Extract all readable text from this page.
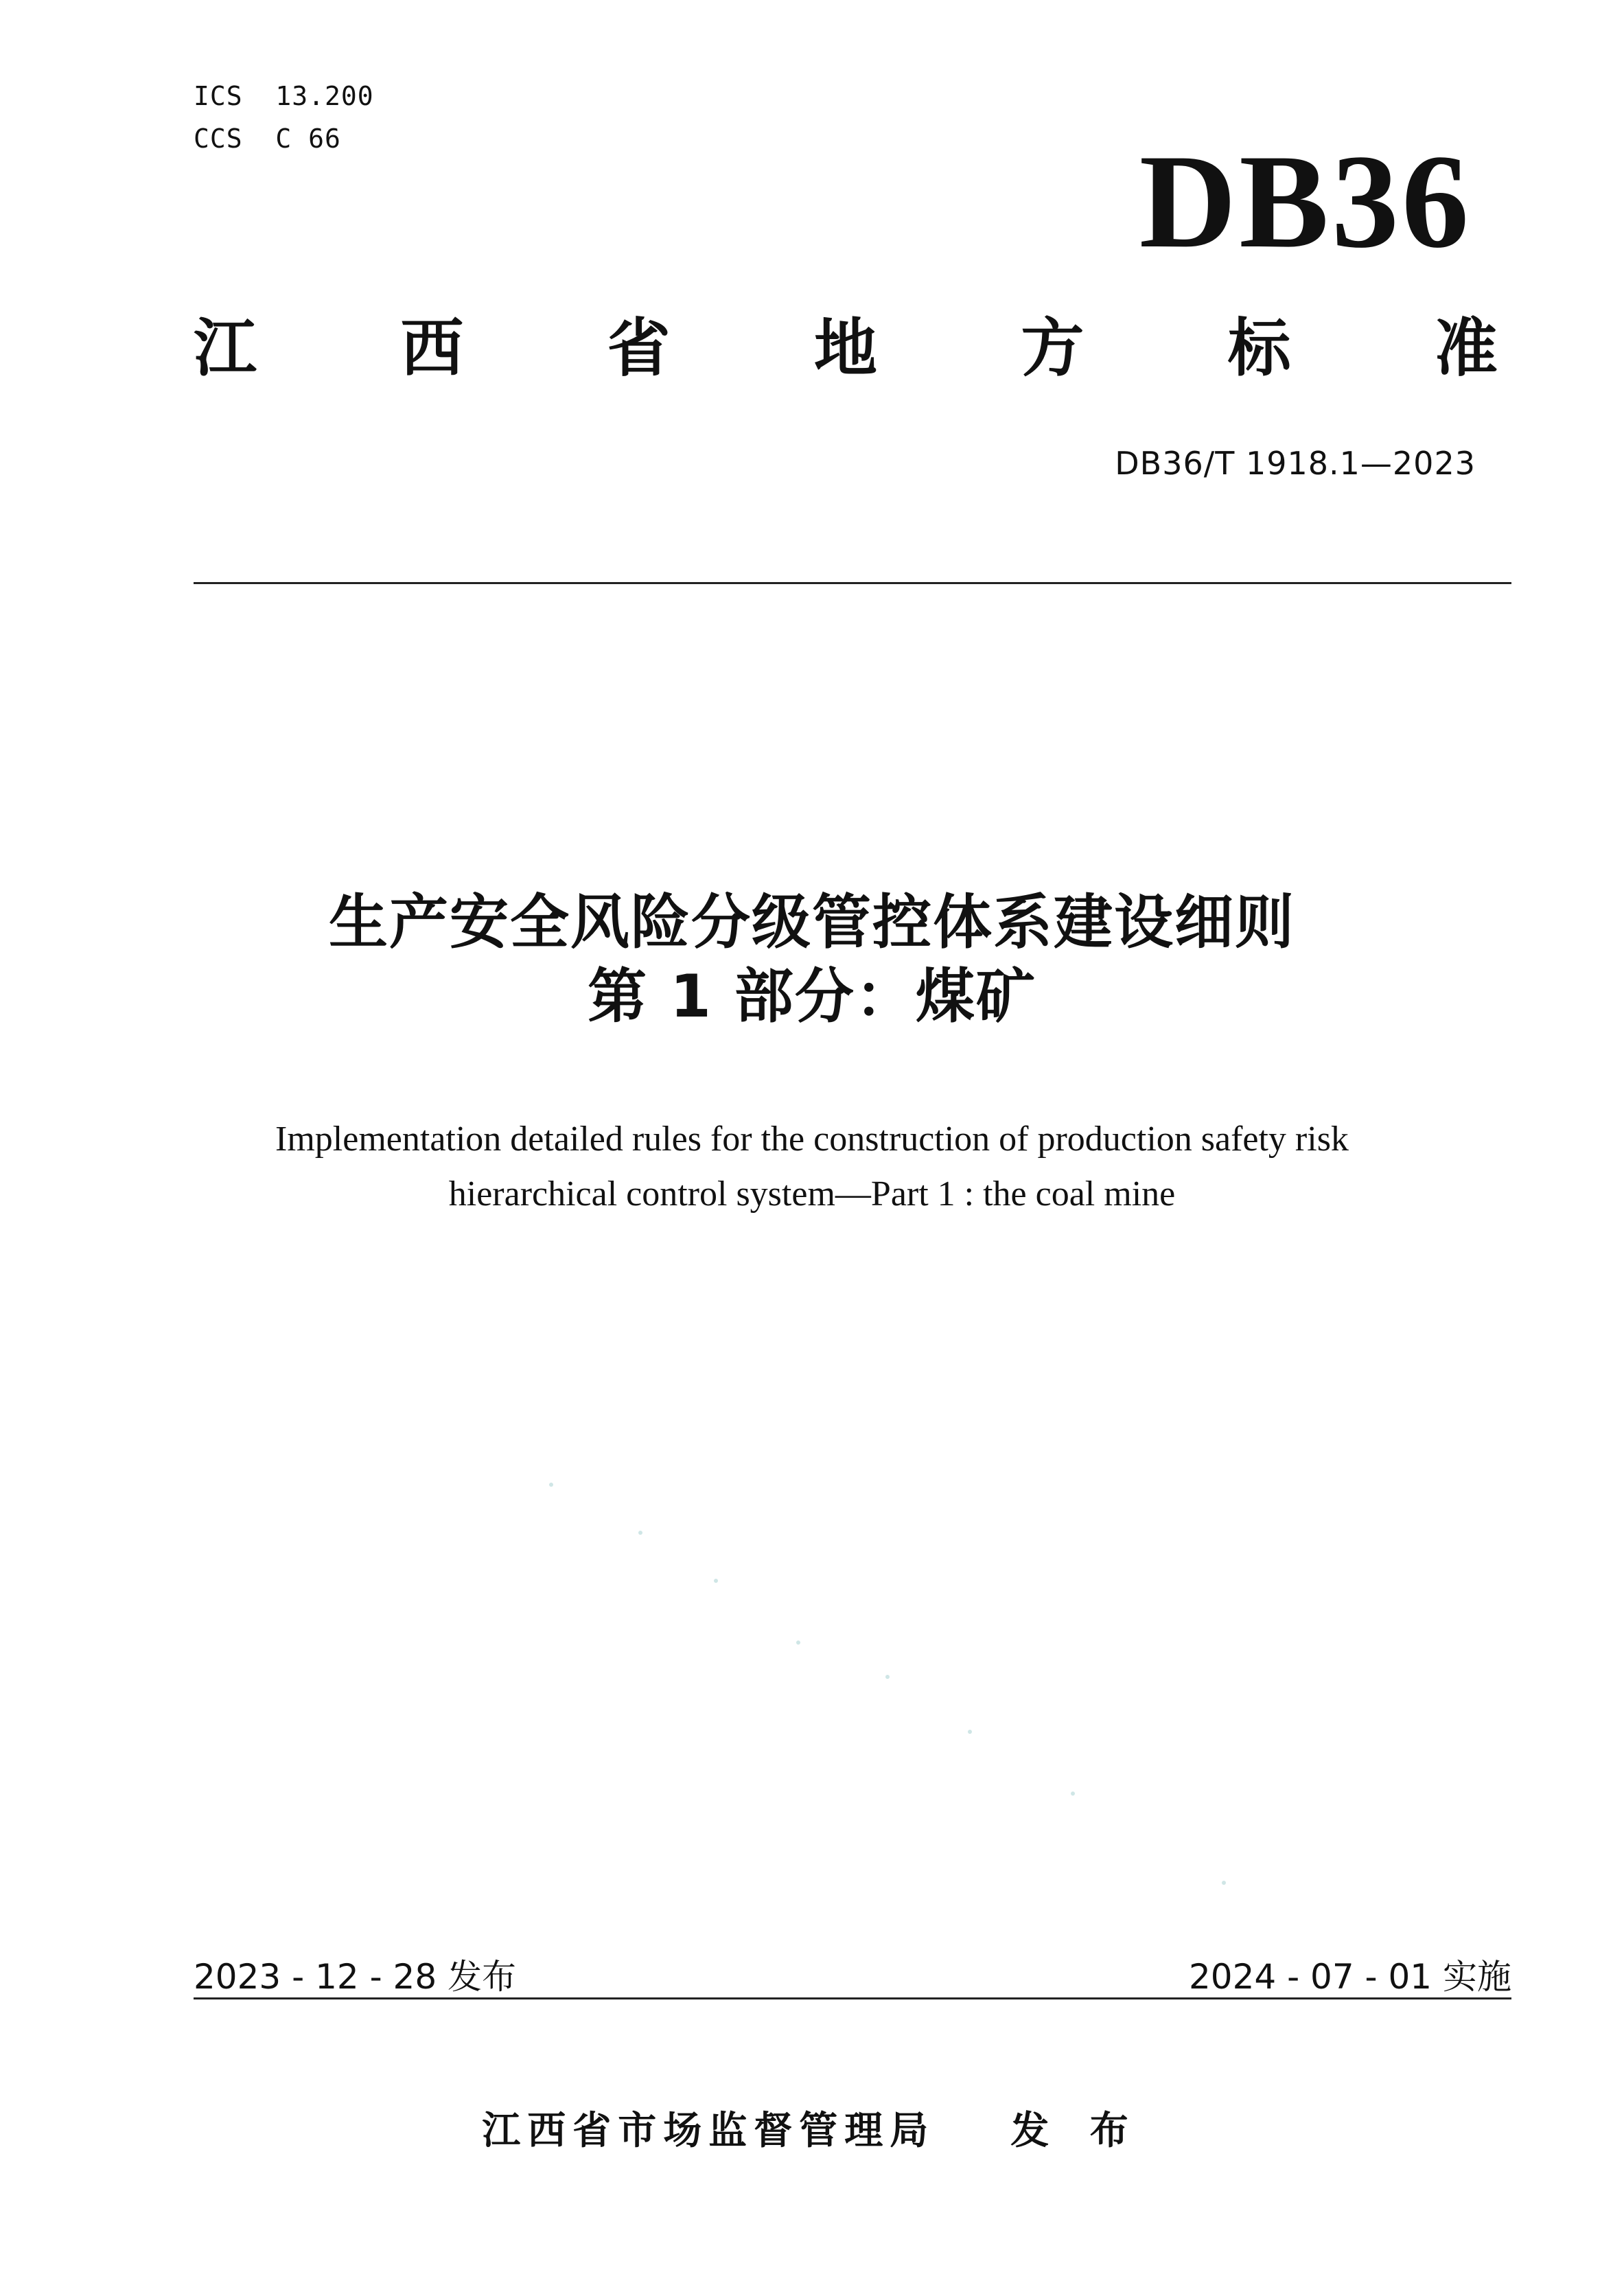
ICS  13.200
CCS  C 66	DB36
江 西 省 地 方 标 准
DB36/T 1918.1—2023
生产安全风险分级管控体系建设细则
第 1 部分：煤矿
Implementation detailed rules for the construction of production safety risk
hierarchical control system—Part 1 : the coal mine
2023 - 12 - 28 发布	2024 - 07 - 01 实施
江西省市场监督管理局 发 布
